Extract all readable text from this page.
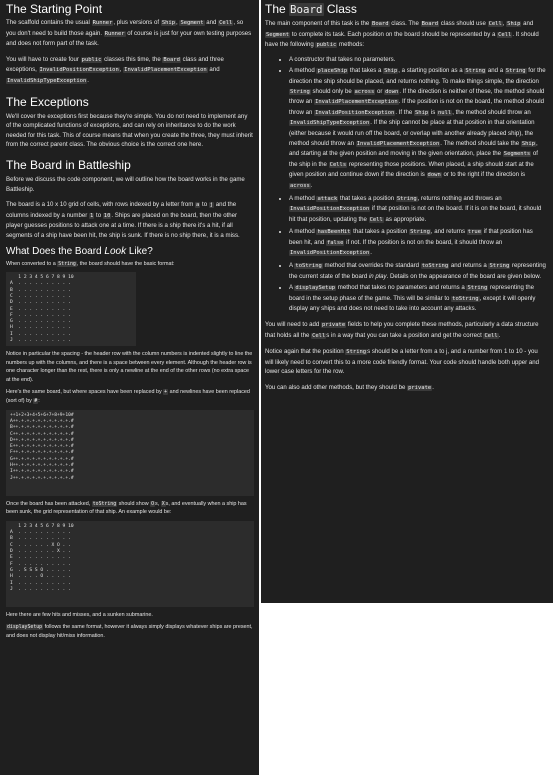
The Starting Point

The scaffold contains the usual Runner, plus versions of Ship, Segment and Cell, so you don't need to build those again. Runner of course is just for your own testing purposes and does not form part of the task.

You will have to create four public classes this time, the Board class and three exceptions, InvalidPositionException, InvalidPlacementException and InvalidShipTypeException.

The Exceptions

We'll cover the exceptions first because they're simple. You do not need to implement any of the complicated functions of exceptions, and can rely on inheritance to do the work needed for this task. This of course means that when you create the three, they must inherit from the correct parent class. The obvious choice is the correct one here.

The Board in Battleship

Before we discuss the code component, we will outline how the board works in the game Battleship.

The board is a 10 x 10 grid of cells, with rows indexed by a letter from a to j and the columns indexed by a number 1 to 10. Ships are placed on the board, then the other player guesses positions to attack one at a time. If there is a ship there it's a hit, if all segments of a ship have been hit, the ship is sunk. If there is no ship there, it is a miss.

What Does the Board Look Like?

When converted to a String, the board should have the basic format:

1 2 3 4 5 6 7 8 9 10
A  . . . . . . . . . .
B  . . . . . . . . . .
C  . . . . . . . . . .
D  . . . . . . . . . .
E  . . . . . . . . . .
F  . . . . . . . . . .
G  . . . . . . . . . .
H  . . . . . . . . . .
I  . . . . . . . . . .
J  . . . . . . . . . .

Notice in particular the spacing - the header row with the column numbers is indented slightly to line the numbers up with the columns, and there is a space between every element. Although the header row is one character longer than the rest, there is only a newline at the end of the other rows (no extra space at the end).

Here's the same board, but where spaces have been replaced by + and newlines have been replaced (sort of) by #:

++1+2+3+4+5+6+7+8+9+10#
A++.+.+.+.+.+.+.+.+.+.#
B++.+.+.+.+.+.+.+.+.+.#
C++.+.+.+.+.+.+.+.+.+.#
D++.+.+.+.+.+.+.+.+.+.#
E++.+.+.+.+.+.+.+.+.+.#
F++.+.+.+.+.+.+.+.+.+.#
G++.+.+.+.+.+.+.+.+.+.#
H++.+.+.+.+.+.+.+.+.+.#
I++.+.+.+.+.+.+.+.+.+.#
J++.+.+.+.+.+.+.+.+.+.#

Once the board has been attacked, toString should show Os, Xs, and eventually when a ship has been sunk, the grid representation of that ship. An example would be:

1 2 3 4 5 6 7 8 9 10
A  . . . . . . . . . .
B  . . . . . . . . . .
C  . . . . . . X O . .
D  . . . . . . . X . .
E  . . . . . . . . . .
F  . . . . . . . . . .
G  . S S S O . . . . .
H  . . . . O . . . . .
I  . . . . . . . . . .
J  . . . . . . . . . .

Here there are few hits and misses, and a sunken submarine.

displaySetup follows the same format, however it always simply displays whatever ships are present, and does not display hit/miss information.

The Board Class

The main component of this task is the Board class. The Board class should use Cell, Ship and Segment to complete its task. Each position on the board should be represented by a Cell. It should have the following public methods:

• A constructor that takes no parameters.
• A method placeShip that takes a Ship, a starting position as a String and a String for the direction the ship should be placed, and returns nothing. To make things simple, the direction String should only be across or down. If the direction is neither of these, the method should throw an InvalidPlacementException. If the position is not on the board, the method should throw an InvalidPositionException. If the Ship is null, the method should throw an InvalidShipTypeException. If the ship cannot be place at that position in that orientation (either because it would run off the board, or overlap with another already placed ship), the method should throw an InvalidPlacementException. The method should take the Ship, and starting at the given position and moving in the given orientation, place the Segments of the ship in the Cells representing those positions. When placed, a ship should start at the given position and continue down if the direction is down or to the right if the direction is across.
• A method attack that takes a position String, returns nothing and throws an InvalidPositionException if that position is not on the board. If it is on the board, it should hit that position, updating the Cell as appropriate.
• A method hasBeenHit that takes a position String, and returns true if that position has been hit, and false if not. If the position is not on the board, it should throw an InvalidPositionException.
• A toString method that overrides the standard toString and returns a String representing the current state of the board in play. Details on the appearance of the board are given below.
• A displaySetup method that takes no parameters and returns a String representing the board in the setup phase of the game. This will be similar to toString, except it will openly display any ships and does not need to take into account any attacks.

You will need to add private fields to help you complete these methods, particularly a data structure that holds all the Cells in a way that you can take a position and get the correct Cell.

Notice again that the position Strings should be a letter from a to j, and a number from 1 to 10 - you will likely need to convert this to a more code friendly format. Your code should handle both upper and lower case letters for the row.

You can also add other methods, but they should be private.
